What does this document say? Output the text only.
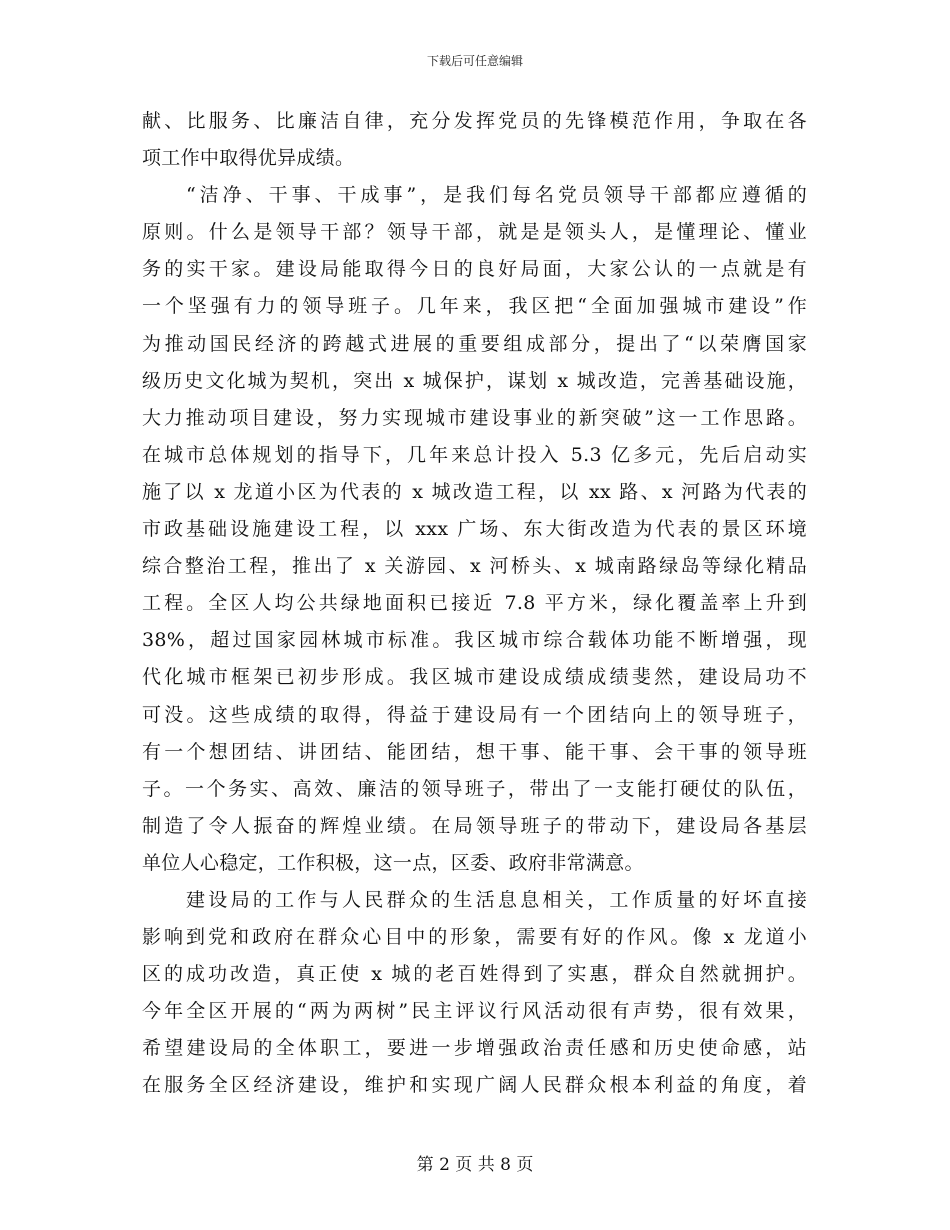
下载后可任意编辑
献、比服务、比廉洁自律，充分发挥党员的先锋模范作用，争取在各
项工作中取得优异成绩。
“洁净、干事、干成事”，是我们每名党员领导干部都应遵循的
原则。什么是领导干部？领导干部，就是是领头人，是懂理论、懂业
务的实干家。建设局能取得今日的良好局面，大家公认的一点就是有
一个坚强有力的领导班子。几年来，我区把“全面加强城市建设”作
为推动国民经济的跨越式进展的重要组成部分，提出了“以荣膺国家
级历史文化城为契机，突出 x 城保护，谋划 x 城改造，完善基础设施，
大力推动项目建设，努力实现城市建设事业的新突破”这一工作思路。
在城市总体规划的指导下，几年来总计投入 5.3 亿多元，先后启动实
施了以 x 龙道小区为代表的 x 城改造工程，以 xx 路、x 河路为代表的
市政基础设施建设工程，以 xxx 广场、东大街改造为代表的景区环境
综合整治工程，推出了 x 关游园、x 河桥头、x 城南路绿岛等绿化精品
工程。全区人均公共绿地面积已接近 7.8 平方米，绿化覆盖率上升到
38%，超过国家园林城市标准。我区城市综合载体功能不断增强，现
代化城市框架已初步形成。我区城市建设成绩成绩斐然，建设局功不
可没。这些成绩的取得，得益于建设局有一个团结向上的领导班子，
有一个想团结、讲团结、能团结，想干事、能干事、会干事的领导班
子。一个务实、高效、廉洁的领导班子，带出了一支能打硬仗的队伍，
制造了令人振奋的辉煌业绩。在局领导班子的带动下，建设局各基层
单位人心稳定，工作积极，这一点，区委、政府非常满意。
建设局的工作与人民群众的生活息息相关，工作质量的好坏直接
影响到党和政府在群众心目中的形象，需要有好的作风。像 x 龙道小
区的成功改造，真正使 x 城的老百姓得到了实惠，群众自然就拥护。
今年全区开展的“两为两树”民主评议行风活动很有声势，很有效果，
希望建设局的全体职工，要进一步增强政治责任感和历史使命感，站
在服务全区经济建设，维护和实现广阔人民群众根本利益的角度，着
第 2 页 共 8 页
